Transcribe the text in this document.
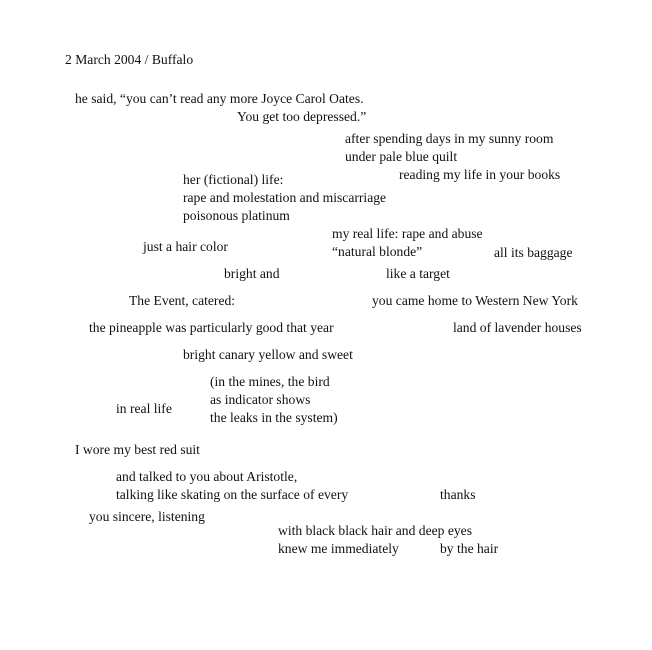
2 March 2004 / Buffalo
he said, “you can’t read any more Joyce Carol Oates.
You get too depressed.”
after spending days in my sunny room
under pale blue quilt
reading my life in your books
her (fictional) life:
rape and molestation and miscarriage
poisonous platinum
my real life: rape and abuse
just a hair color	“natural blonde”	all its baggage
bright and	like a target
The Event, catered:	you came home to Western New York
the pineapple was particularly good that year	land of lavender houses
bright canary yellow and sweet
(in the mines, the bird
as indicator shows
in real life
the leaks in the system)
I wore my best red suit
and talked to you about Aristotle,
talking like skating on the surface of every	thanks
you sincere, listening
with black black hair and deep eyes
knew me immediately	by the hair
